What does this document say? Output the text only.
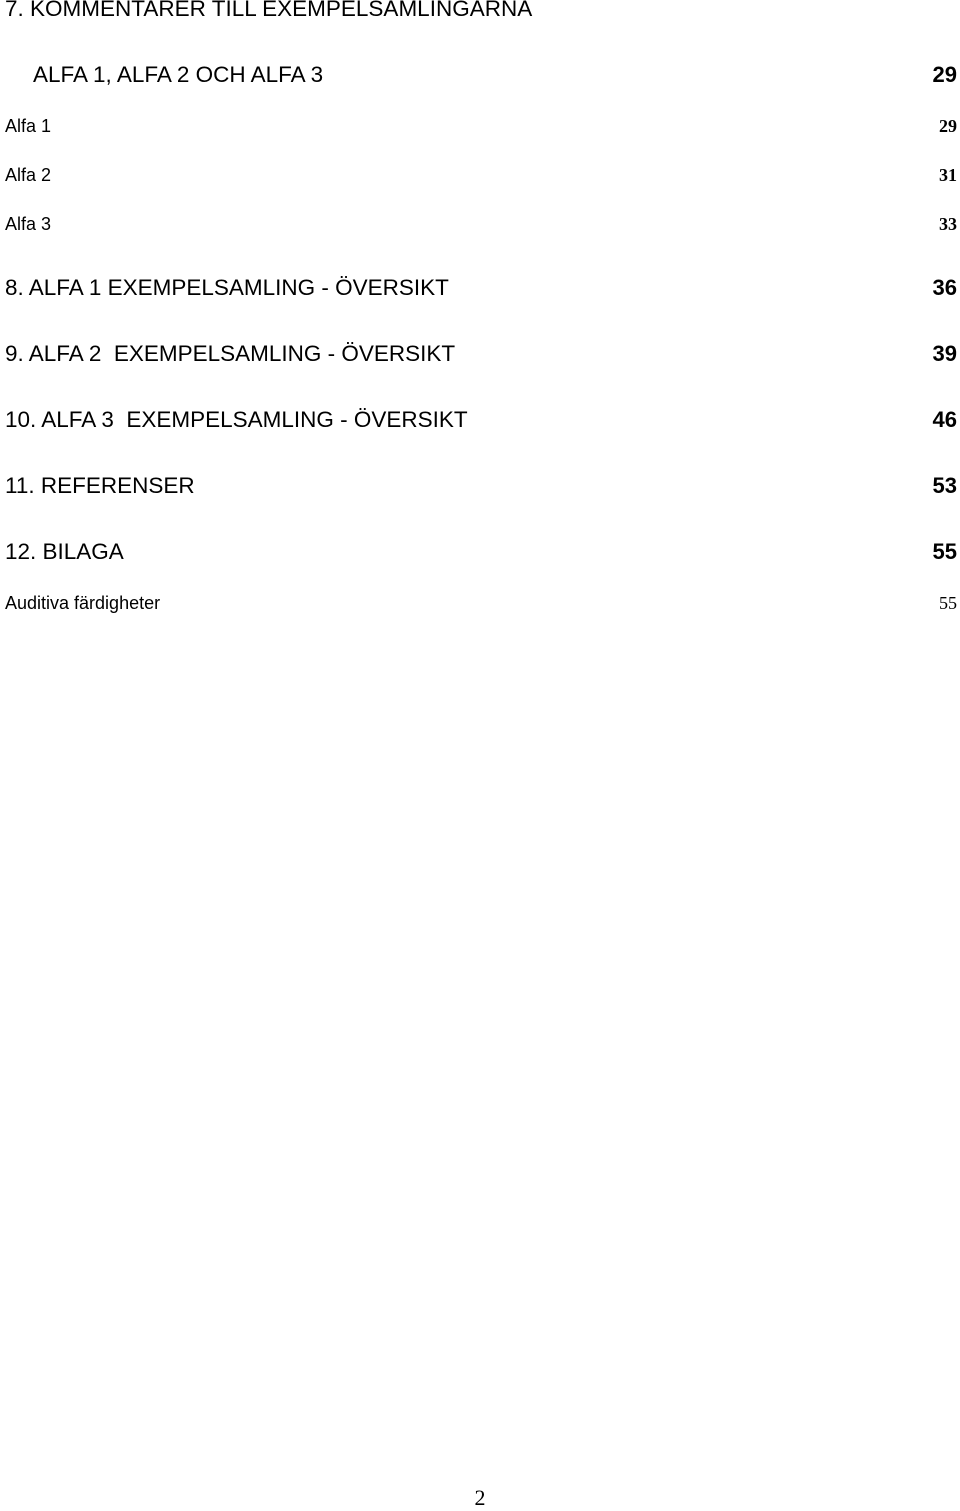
7. KOMMENTARER TILL EXEMPELSAMLINGARNA
ALFA 1, ALFA 2 OCH ALFA 3	29
Alfa 1	29
Alfa 2	31
Alfa 3	33
8. ALFA 1 EXEMPELSAMLING - ÖVERSIKT	36
9. ALFA 2  EXEMPELSAMLING - ÖVERSIKT	39
10. ALFA 3  EXEMPELSAMLING - ÖVERSIKT	46
11. REFERENSER	53
12. BILAGA	55
Auditiva färdigheter	55
2
